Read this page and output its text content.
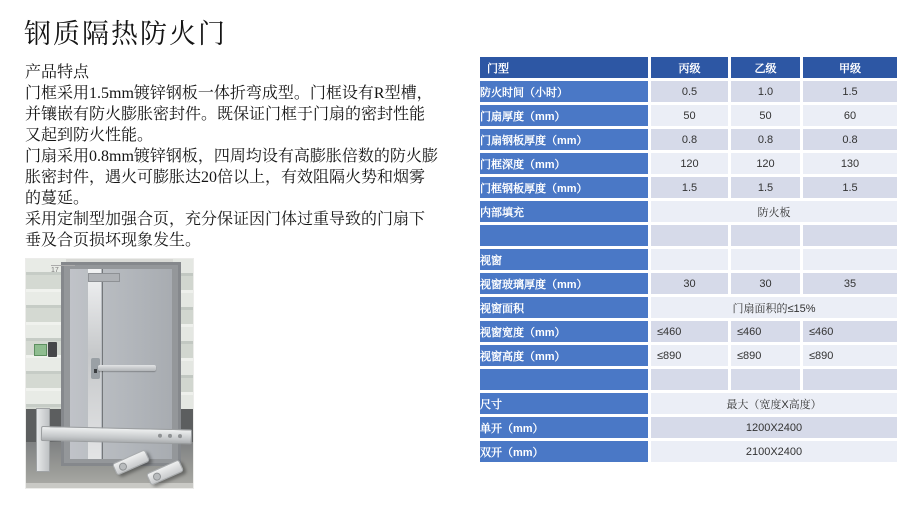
钢质隔热防火门
产品特点
门框采用1.5mm镀锌钢板一体折弯成型。门框设有R型槽，
并镶嵌有防火膨胀密封件。既保证门框于门扇的密封性能
又起到防火性能。
门扇采用0.8mm镀锌钢板，四周均设有高膨胀倍数的防火膨
胀密封件，遇火可膨胀达20倍以上，有效阻隔火势和烟雾
的蔓延。
采用定制型加强合页，充分保证因门体过重导致的门扇下
垂及合页损坏现象发生。
17
门型	丙级	乙级	甲级
防火时间（小时）	0.5	1.0	1.5
门扇厚度（mm）	50	50	60
门扇钢板厚度（mm）	0.8	0.8	0.8
门框深度（mm）	120	120	130
门框钢板厚度（mm）	1.5	1.5	1.5
内部填充	防火板		

视窗			
视窗玻璃厚度（mm）	30	30	35
视窗面积	门扇面积的≤15%		
视窗宽度（mm）	≤460	≤460	≤460
视窗高度（mm）	≤890	≤890	≤890

尺寸	最大（宽度X高度）		
单开（mm）	1200X2400		
双开（mm）	2100X2400		
